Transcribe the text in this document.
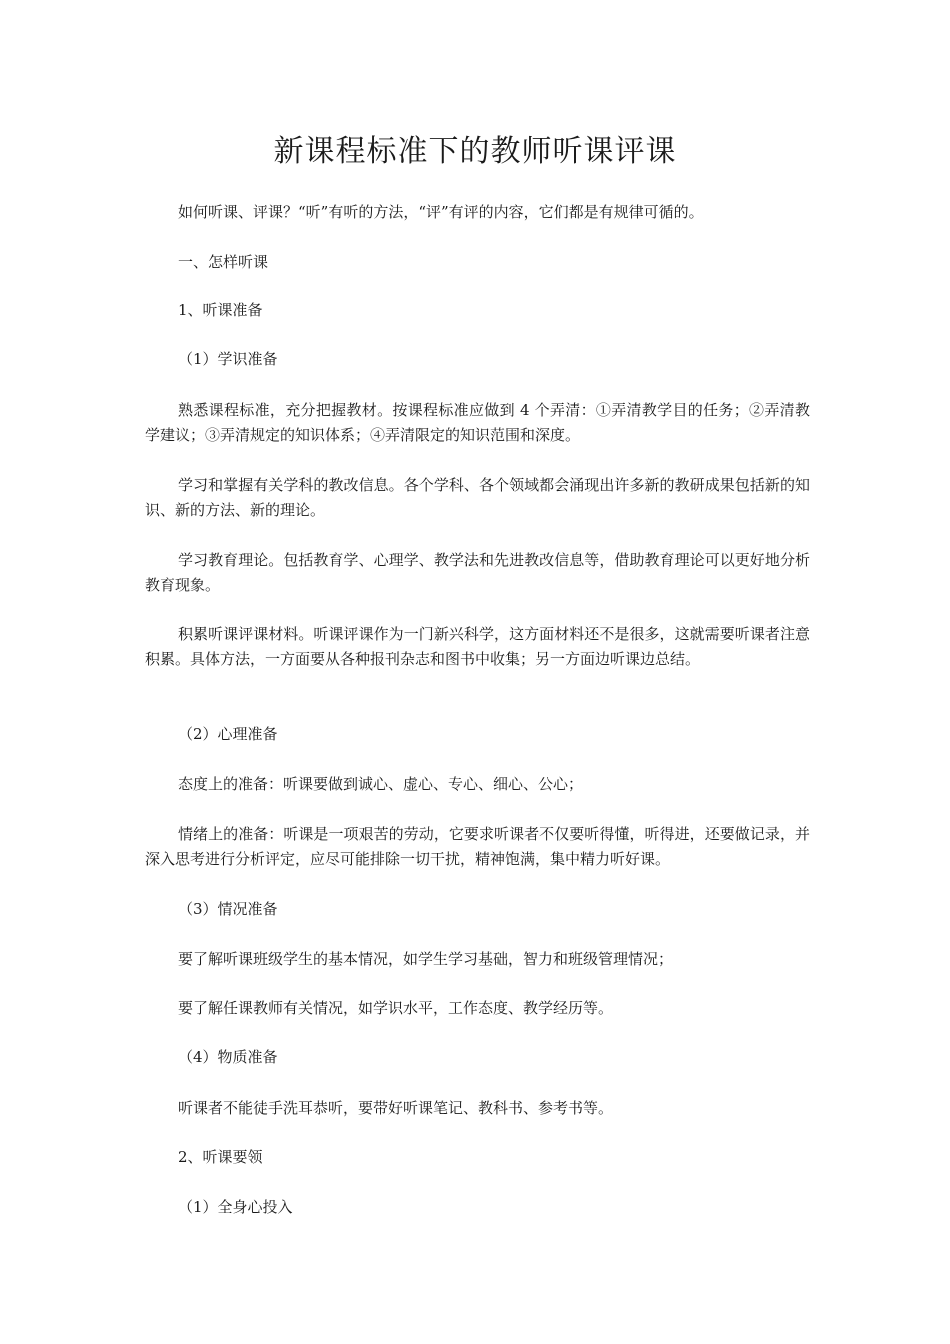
新课程标准下的教师听课评课

如何听课、评课？“听”有听的方法，“评”有评的内容，它们都是有规律可循的。

一、怎样听课

1、听课准备

（1）学识准备

熟悉课程标准，充分把握教材。按课程标准应做到 4 个弄清：①弄清教学目的任务；②弄清教学建议；③弄清规定的知识体系；④弄清限定的知识范围和深度。

学习和掌握有关学科的教改信息。各个学科、各个领域都会涌现出许多新的教研成果包括新的知识、新的方法、新的理论。

学习教育理论。包括教育学、心理学、教学法和先进教改信息等，借助教育理论可以更好地分析教育现象。

积累听课评课材料。听课评课作为一门新兴科学，这方面材料还不是很多，这就需要听课者注意积累。具体方法，一方面要从各种报刊杂志和图书中收集；另一方面边听课边总结。

（2）心理准备

态度上的准备：听课要做到诚心、虚心、专心、细心、公心；

情绪上的准备：听课是一项艰苦的劳动，它要求听课者不仅要听得懂，听得进，还要做记录，并深入思考进行分析评定，应尽可能排除一切干扰，精神饱满，集中精力听好课。

（3）情况准备

要了解听课班级学生的基本情况，如学生学习基础，智力和班级管理情况；

要了解任课教师有关情况，如学识水平，工作态度、教学经历等。

（4）物质准备

听课者不能徒手洗耳恭听，要带好听课笔记、教科书、参考书等。

2、听课要领

（1）全身心投入
